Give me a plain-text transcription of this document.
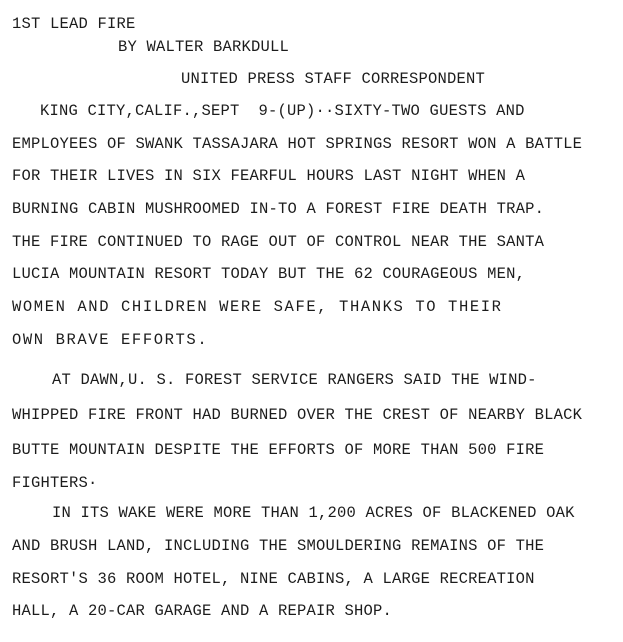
1ST LEAD FIRE
BY WALTER BARKDULL
UNITED PRESS STAFF CORRESPONDENT
KING CITY,CALIF.,SEPT  9-(UP)··SIXTY-TWO GUESTS AND
EMPLOYEES OF SWANK TASSAJARA HOT SPRINGS RESORT WON A BATTLE
FOR THEIR LIVES IN SIX FEARFUL HOURS LAST NIGHT WHEN A
BURNING CABIN MUSHROOMED IN-TO A FOREST FIRE DEATH TRAP.
THE FIRE CONTINUED TO RAGE OUT OF CONTROL NEAR THE SANTA
LUCIA MOUNTAIN RESORT TODAY BUT THE 62 COURAGEOUS MEN,
WOMEN AND CHILDREN WERE SAFE, THANKS TO THEIR
OWN BRAVE EFFORTS.
AT DAWN,U. S. FOREST SERVICE RANGERS SAID THE WIND-
WHIPPED FIRE FRONT HAD BURNED OVER THE CREST OF NEARBY BLACK
BUTTE MOUNTAIN DESPITE THE EFFORTS OF MORE THAN 500 FIRE
FIGHTERS·
IN ITS WAKE WERE MORE THAN 1,200 ACRES OF BLACKENED OAK
AND BRUSH LAND, INCLUDING THE SMOULDERING REMAINS OF THE
RESORT'S 36 ROOM HOTEL, NINE CABINS, A LARGE RECREATION
HALL, A 20-CAR GARAGE AND A REPAIR SHOP.
